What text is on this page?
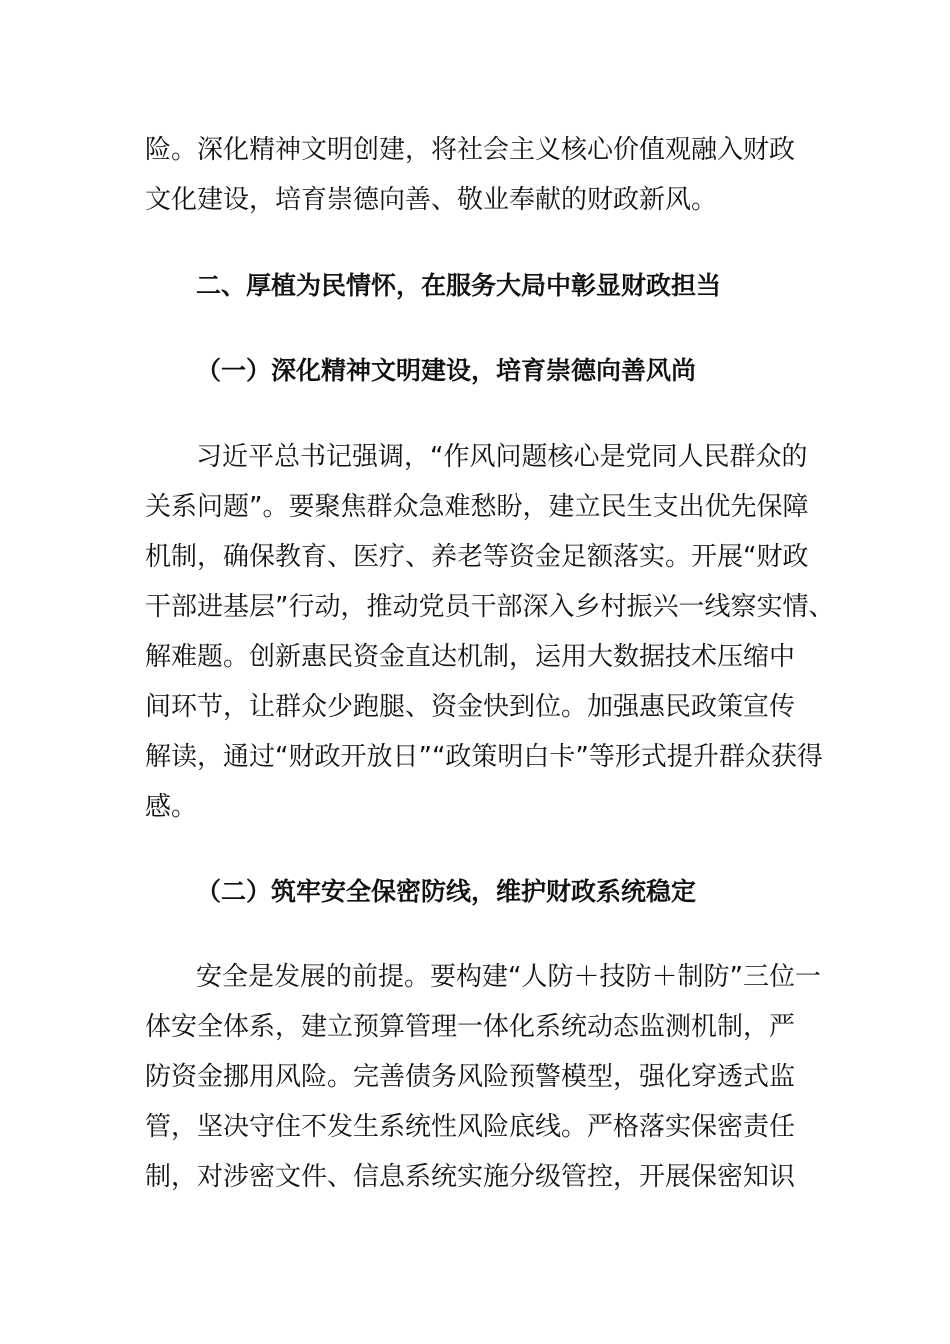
险。深化精神文明创建，将社会主义核心价值观融入财政
文化建设，培育崇德向善、敬业奉献的财政新风。
二、厚植为民情怀，在服务大局中彰显财政担当
（一）深化精神文明建设，培育崇德向善风尚
习近平总书记强调，“作风问题核心是党同人民群众的
关系问题”。要聚焦群众急难愁盼，建立民生支出优先保障
机制，确保教育、医疗、养老等资金足额落实。开展“财政
干部进基层”行动，推动党员干部深入乡村振兴一线察实情、
解难题。创新惠民资金直达机制，运用大数据技术压缩中
间环节，让群众少跑腿、资金快到位。加强惠民政策宣传
解读，通过“财政开放日”“政策明白卡”等形式提升群众获得
感。
（二）筑牢安全保密防线，维护财政系统稳定
安全是发展的前提。要构建“人防＋技防＋制防”三位一
体安全体系，建立预算管理一体化系统动态监测机制，严
防资金挪用风险。完善债务风险预警模型，强化穿透式监
管，坚决守住不发生系统性风险底线。严格落实保密责任
制，对涉密文件、信息系统实施分级管控，开展保密知识
